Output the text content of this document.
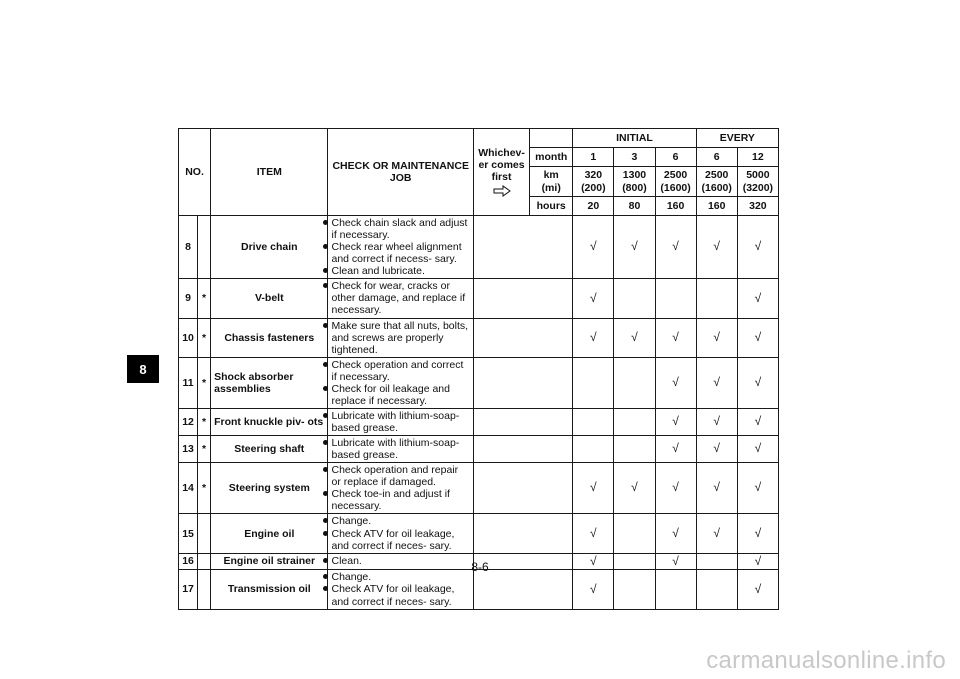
8
NO.		ITEM	CHECK OR MAINTENANCE JOB	Whichev- er comes first		INITIAL			EVERY	
					month	1	3	6	6	12
					km (mi)	320 (200)	1300 (800)	2500 (1600)	2500 (1600)	5000 (3200)
					hours	20	80	160	160	320
8		Drive chain	Check chain slack and adjust if necessary.
Check rear wheel alignment and correct if necess- sary.
Clean and lubricate.			√	√	√	√	√
9	*	V-belt	Check for wear, cracks or other damage, and replace if necessary.			√				√
10	*	Chassis fasteners	Make sure that all nuts, bolts, and screws are properly tightened.			√	√	√	√	√
11	*	Shock absorber assemblies	Check operation and correct if necessary.
Check for oil leakage and replace if necessary.					√	√	√
12	*	Front knuckle piv- ots	Lubricate with lithium-soap-based grease.					√	√	√
13	*	Steering shaft	Lubricate with lithium-soap-based grease.					√	√	√
14	*	Steering system	Check operation and repair or replace if damaged.
Check toe-in and adjust if necessary.			√	√	√	√	√
15		Engine oil	Change.
Check ATV for oil leakage, and correct if neces- sary.			√		√	√	√
16		Engine oil strainer	Clean.			√		√		√
17		Transmission oil	Change.
Check ATV for oil leakage, and correct if neces- sary.			√				√
8-6
carmanualsonline.info
